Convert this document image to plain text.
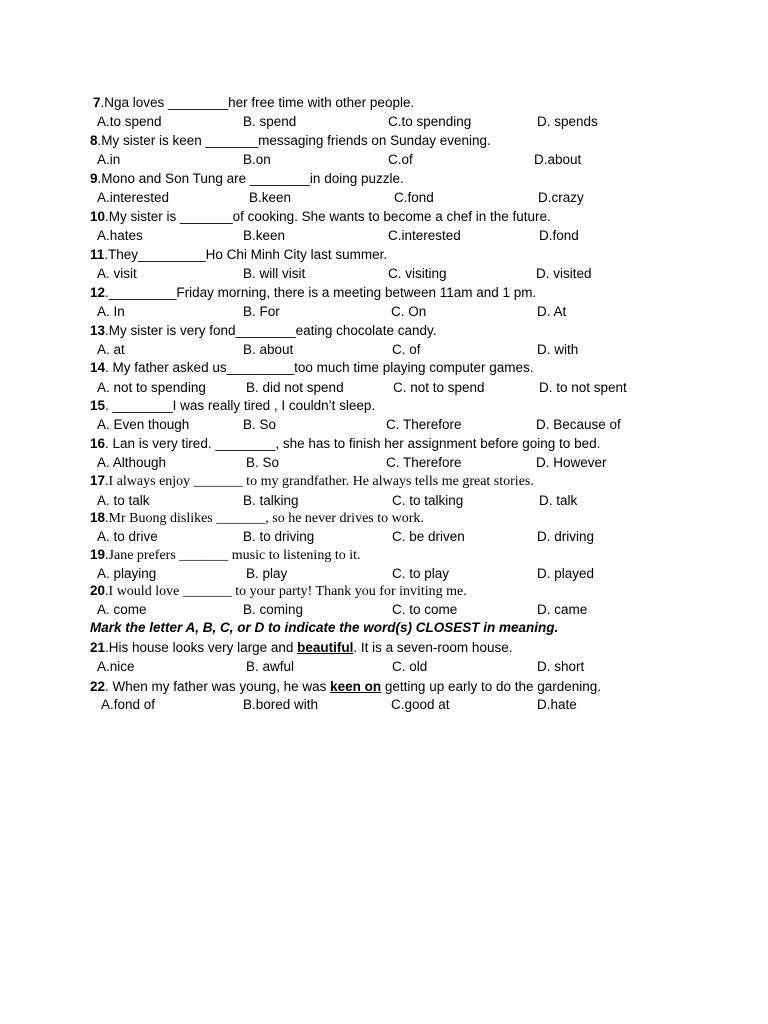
7.Nga loves ________her free time with other people.
A.to spend	B. spend	C.to spending	D. spends
8.My sister is keen _______messaging friends on Sunday evening.
A.in	B.on	C.of	D.about
9.Mono and Son Tung are ________in doing puzzle.
A.interested	B.keen	C.fond	D.crazy
10.My sister is _______of cooking. She wants to become a chef in the future.
A.hates	B.keen	C.interested	D.fond
11.They_________Ho Chi Minh City last summer.
A. visit	B. will visit	C. visiting	D. visited
12._________Friday morning, there is a meeting between 11am and 1 pm.
A. In	B. For	C. On	D. At
13.My sister is very fond________eating chocolate candy.
A. at	B. about	C. of	D. with
14. My father asked us_________too much time playing computer games.
A. not to spending	B. did not spend	C. not to spend	D. to not spent
15. ________I was really tired , I couldn’t sleep.
A. Even though	B. So	C. Therefore	D. Because of
16. Lan is very tired. ________, she has to finish her assignment before going to bed.
A. Although	B. So	C. Therefore	D. However
17.I always enjoy _______ to my grandfather. He always tells me great stories.
A. to talk	B. talking	C. to talking	D. talk
18.Mr Buong dislikes _______, so he never drives to work.
A. to drive	B. to driving	C. be driven	D. driving
19.Jane prefers _______ music to listening to it.
A. playing	B. play	C. to play	D. played
20.I would love _______ to your party! Thank you for inviting me.
A. come	B. coming	C. to come	D. came
Mark the letter A, B, C, or D to indicate the word(s) CLOSEST in meaning.
21.His house looks very large and beautiful. It is a seven-room house.
A.nice	B. awful	C. old	D. short
22. When my father was young, he was keen on getting up early to do the gardening.
A.fond of	B.bored with	C.good at	D.hate
